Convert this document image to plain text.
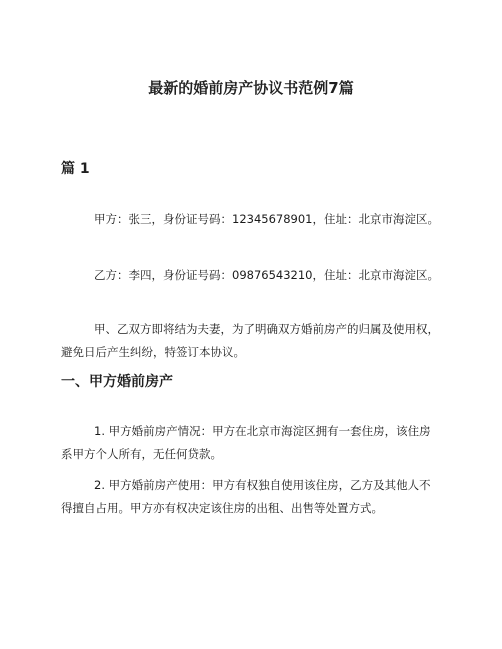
最新的婚前房产协议书范例7篇
篇 1

甲方：张三，身份证号码：12345678901，住址：北京市海淀区。

乙方：李四，身份证号码：09876543210，住址：北京市海淀区。

甲、乙双方即将结为夫妻，为了明确双方婚前房产的归属及使用权，避免日后产生纠纷，特签订本协议。

一、甲方婚前房产

1. 甲方婚前房产情况：甲方在北京市海淀区拥有一套住房，该住房系甲方个人所有，无任何贷款。

2. 甲方婚前房产使用：甲方有权独自使用该住房，乙方及其他人不得擅自占用。甲方亦有权决定该住房的出租、出售等处置方式。
